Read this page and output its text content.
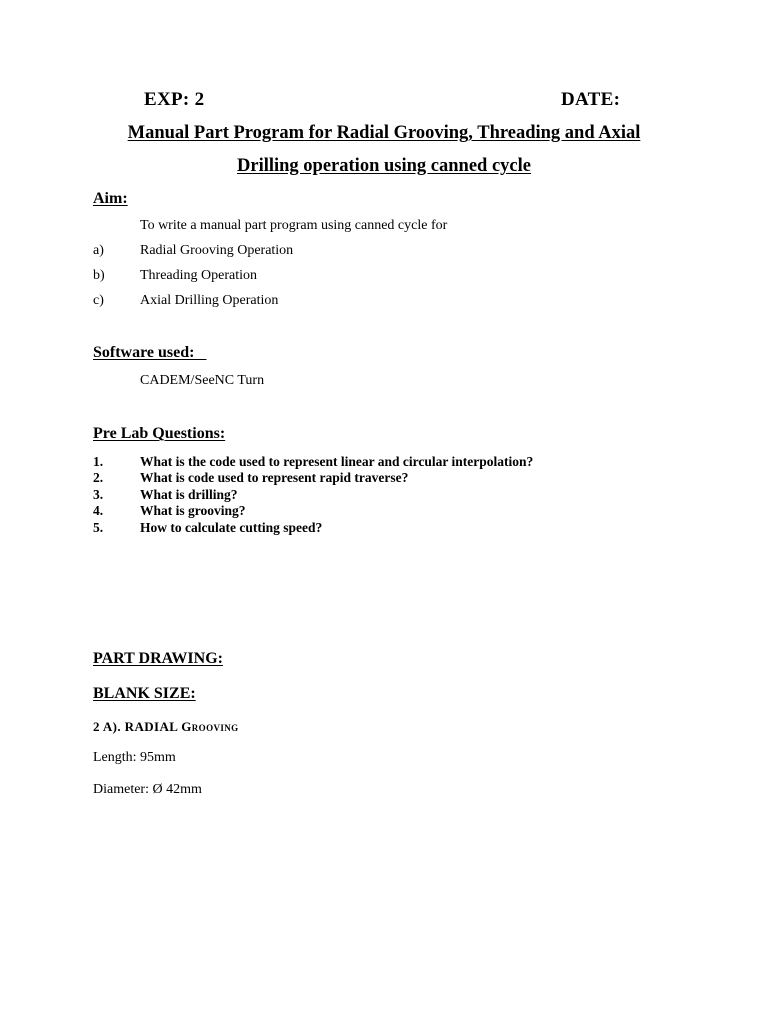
EXP: 2	DATE:
Manual Part Program for Radial Grooving, Threading and Axial
Drilling operation using canned cycle
Aim:
To write a manual part program using canned cycle for
a)	Radial Grooving Operation
b)	Threading Operation
c)	Axial Drilling Operation
Software used:
CADEM/SeeNC Turn
Pre Lab Questions:
1.	What is the code used to represent linear and circular interpolation?
2.	What is code used to represent rapid traverse?
3.	What is drilling?
4.	What is grooving?
5.	How to calculate cutting speed?
PART DRAWING:
BLANK SIZE:
2 A). RADIAL Grooving
Length: 95mm
Diameter: Ø 42mm
